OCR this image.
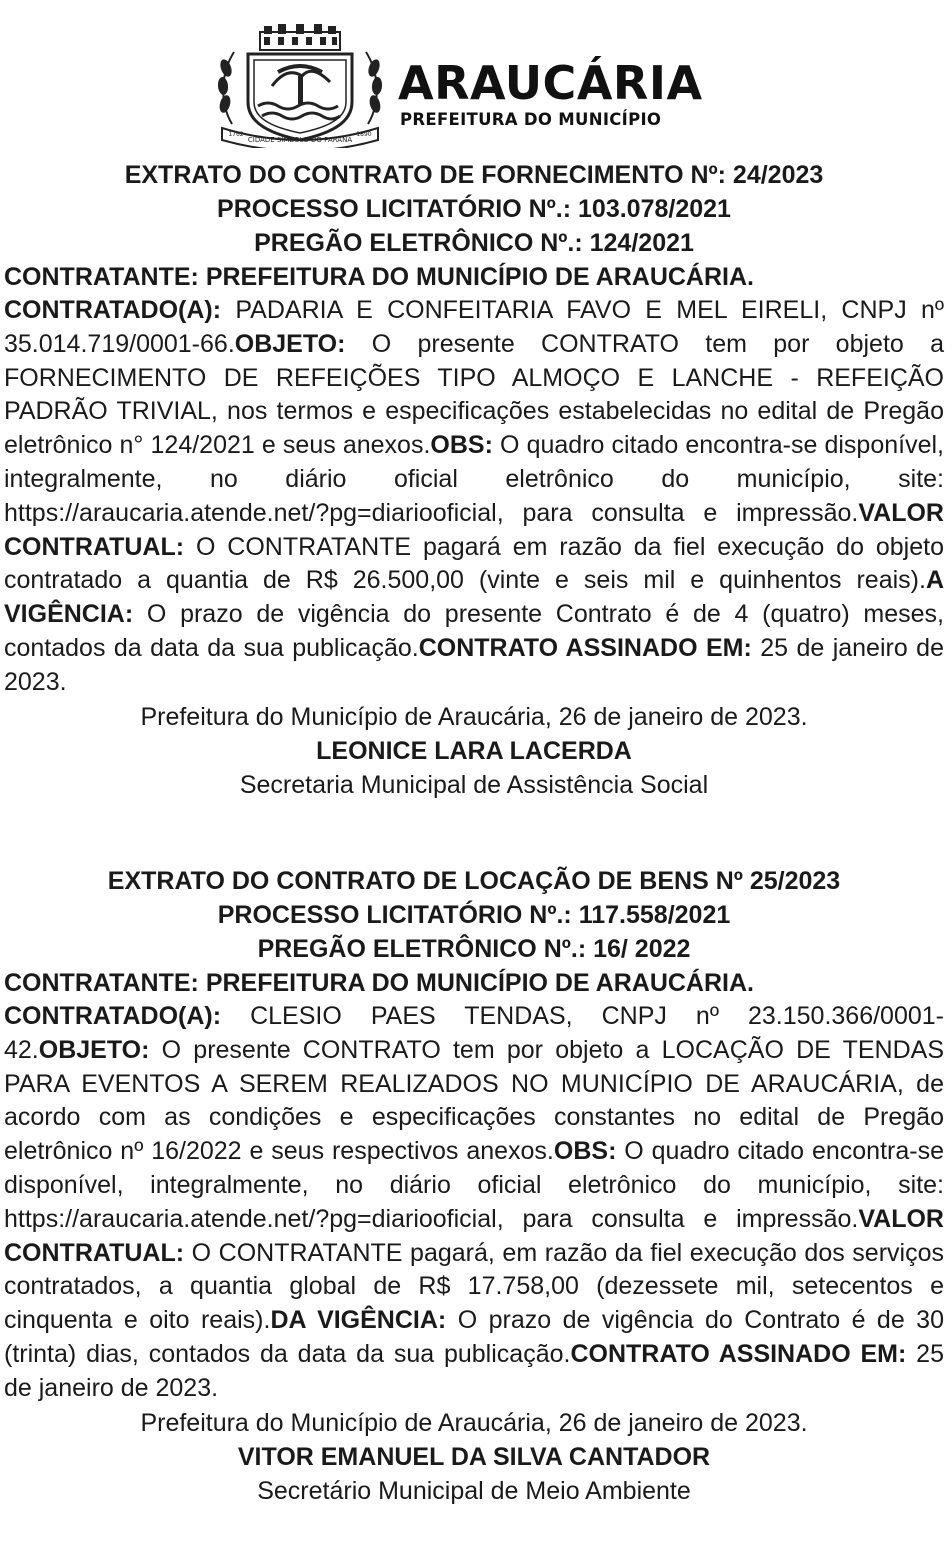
CIDADE SÍMBOLO DO PARANÁ
1762	1890
ARAUCÁRIA
PREFEITURA DO MUNICÍPIO

EXTRATO DO CONTRATO DE FORNECIMENTO Nº: 24/2023

PROCESSO LICITATÓRIO Nº.: 103.078/2021

PREGÃO ELETRÔNICO Nº.: 124/2021

CONTRATANTE: PREFEITURA DO MUNICÍPIO DE ARAUCÁRIA.

CONTRATADO(A): PADARIA E CONFEITARIA FAVO E MEL EIRELI, CNPJ nº 35.014.719/0001-66.OBJETO: O presente CONTRATO tem por objeto a FORNECIMENTO DE REFEIÇÕES TIPO ALMOÇO E LANCHE - REFEIÇÃO PADRÃO TRIVIAL, nos termos e especificações estabelecidas no edital de Pregão eletrônico n° 124/2021 e seus anexos.OBS: O quadro citado encontra-se disponível, integralmente, no diário oficial eletrônico do município, site: https://araucaria.atende.net/?pg=diariooficial, para consulta e impressão.VALOR CONTRATUAL: O CONTRATANTE pagará em razão da fiel execução do objeto contratado a quantia de R$ 26.500,00 (vinte e seis mil e quinhentos reais).A VIGÊNCIA: O prazo de vigência do presente Contrato é de 4 (quatro) meses, contados da data da sua publicação.CONTRATO ASSINADO EM: 25 de janeiro de 2023.

Prefeitura do Município de Araucária, 26 de janeiro de 2023.

LEONICE LARA LACERDA

Secretaria Municipal de Assistência Social

EXTRATO DO CONTRATO DE LOCAÇÃO DE BENS Nº 25/2023

PROCESSO LICITATÓRIO Nº.: 117.558/2021

PREGÃO ELETRÔNICO Nº.: 16/ 2022

CONTRATANTE: PREFEITURA DO MUNICÍPIO DE ARAUCÁRIA.

CONTRATADO(A): CLESIO PAES TENDAS, CNPJ nº 23.150.366/0001-42.OBJETO: O presente CONTRATO tem por objeto a LOCAÇÃO DE TENDAS PARA EVENTOS A SEREM REALIZADOS NO MUNICÍPIO DE ARAUCÁRIA, de acordo com as condições e especificações constantes no edital de Pregão eletrônico nº 16/2022 e seus respectivos anexos.OBS: O quadro citado encontra-se disponível, integralmente, no diário oficial eletrônico do município, site: https://araucaria.atende.net/?pg=diariooficial, para consulta e impressão.VALOR CONTRATUAL: O CONTRATANTE pagará, em razão da fiel execução dos serviços contratados, a quantia global de R$ 17.758,00 (dezessete mil, setecentos e cinquenta e oito reais).DA VIGÊNCIA: O prazo de vigência do Contrato é de 30 (trinta) dias, contados da data da sua publicação.CONTRATO ASSINADO EM: 25 de janeiro de 2023.

Prefeitura do Município de Araucária, 26 de janeiro de 2023.

VITOR EMANUEL DA SILVA CANTADOR

Secretário Municipal de Meio Ambiente
